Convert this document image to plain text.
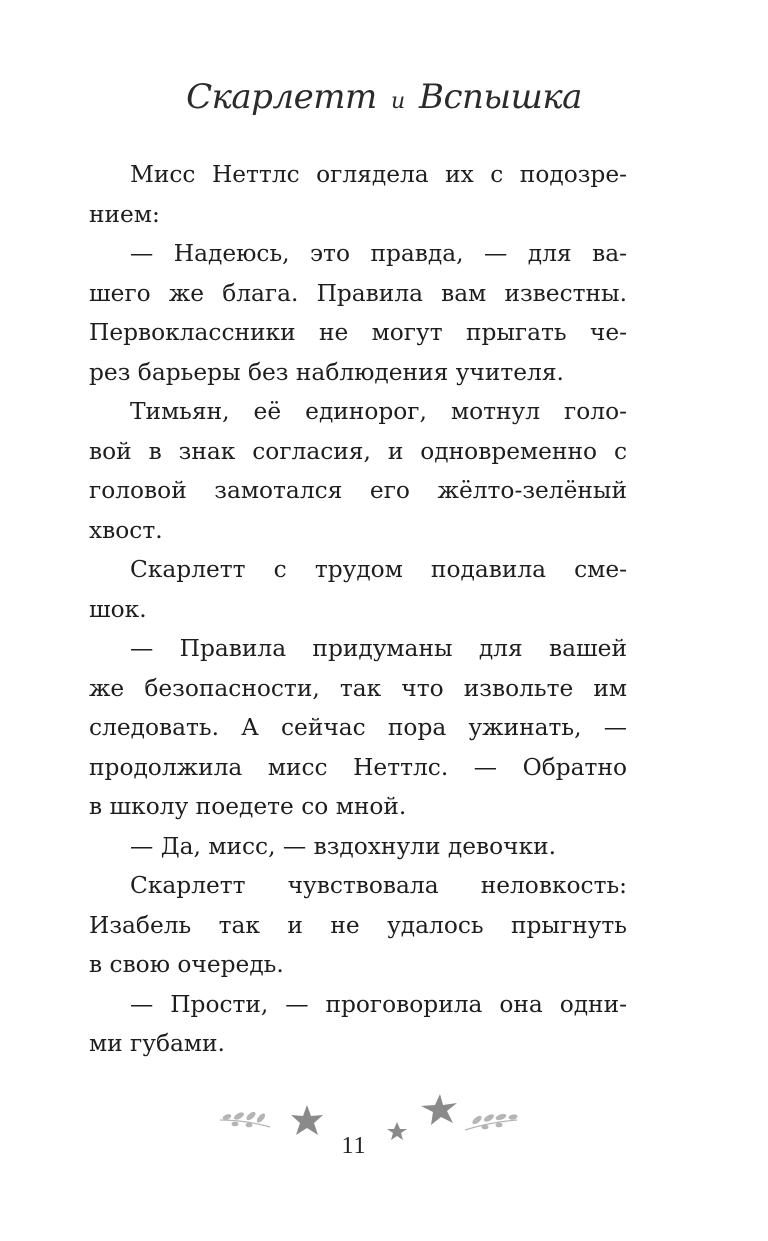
Скарлетт и Вспышка
Мисс Неттлс оглядела их с подозре-
нием:
— Надеюсь, это правда, — для ва-
шего же блага. Правила вам известны.
Первоклассники не могут прыгать че-
рез барьеры без наблюдения учителя.
Тимьян, её единорог, мотнул голо-
вой в знак согласия, и одновременно с
головой замотался его жёлто-зелёный
хвост.
Скарлетт с трудом подавила сме-
шок.
— Правила придуманы для вашей
же безопасности, так что извольте им
следовать. А сейчас пора ужинать, —
продолжила мисс Неттлс. — Обратно
в школу поедете со мной.
— Да, мисс, — вздохнули девочки.
Скарлетт чувствовала неловкость:
Изабель так и не удалось прыгнуть
в свою очередь.
— Прости, — проговорила она одни-
ми губами.
11
